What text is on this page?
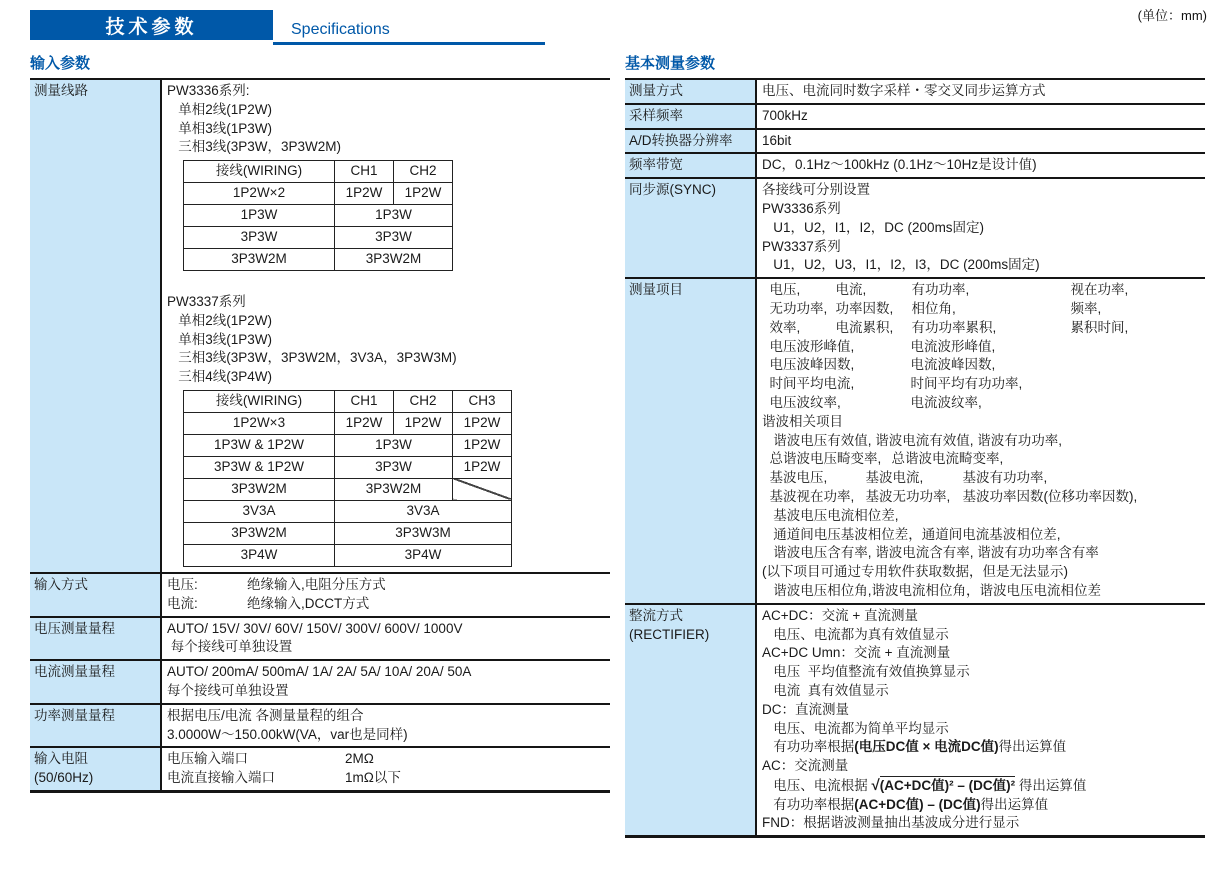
(单位：mm)
技术参数	Specifications
输入参数
测量线路	PW3336系列:
单相2线(1P2W)
单相3线(1P3W)
三相3线(3P3W，3P3W2M)
接线(WIRING)	CH1	CH2
1P2W×2	1P2W	1P2W
1P3W	1P3W	
3P3W	3P3W	
3P3W2M	3P3W2M	

PW3337系列
单相2线(1P2W)
单相3线(1P3W)
三相3线(3P3W，3P3W2M，3V3A，3P3W3M)
三相4线(3P4W)
接线(WIRING)	CH1	CH2	CH3
1P2W×3	1P2W	1P2W	1P2W
1P3W & 1P2W	1P3W		1P2W
3P3W & 1P2W	3P3W		1P2W
3P3W2M	3P3W2M		
3V3A	3V3A		
3P3W2M	3P3W3M		
3P4W	3P4W		
输入方式	电压:	绝缘输入,电阻分压方式
电流:	绝缘输入,DCCT方式
电压测量量程	AUTO/ 15V/ 30V/ 60V/ 150V/ 300V/ 600V/ 1000V
每个接线可单独设置
电流测量量程	AUTO/ 200mA/ 500mA/ 1A/ 2A/ 5A/ 10A/ 20A/ 50A
每个接线可单独设置
功率测量量程	根据电压/电流 各测量量程的组合
3.0000W～150.00kW(VA，var也是同样)
输入电阻
(50/60Hz)
电压输入端口	2MΩ
电流直接输入端口	1mΩ以下
基本测量参数
测量方式	电压、电流同时数字采样・零交叉同步运算方式
采样频率	700kHz
A/D转换器分辨率	16bit
频率带宽	DC，0.1Hz～100kHz (0.1Hz～10Hz是设计值)
同步源(SYNC)	各接线可分别设置
PW3336系列
U1，U2，I1，I2，DC (200ms固定)
PW3337系列
U1，U2，U3，I1，I2，I3，DC (200ms固定)
测量项目	电压,	电流,	有功功率,	视在功率,
无功功率, 功率因数, 相位角,	频率,
效率,	电流累积, 有功功率累积,	累积时间,
电压波形峰值,	电流波形峰值,
电压波峰因数,	电流波峰因数,
时间平均电流,	时间平均有功功率,
电压波纹率,	电流波纹率,
谐波相关项目
谐波电压有效值, 谐波电流有效值, 谐波有功功率,
总谐波电压畸变率, 总谐波电流畸变率,
基波电压,	基波电流,	基波有功功率,
基波视在功率, 基波无功功率, 基波功率因数(位移功率因数),
基波电压电流相位差,
通道间电压基波相位差，通道间电流基波相位差,
谐波电压含有率, 谐波电流含有率, 谐波有功功率含有率
(以下项目可通过专用软件获取数据，但是无法显示)
谐波电压相位角,谐波电流相位角，谐波电压电流相位差
整流方式
(RECTIFIER)
AC+DC：交流 + 直流测量
电压、电流都为真有效值显示
AC+DC Umn：交流 + 直流测量
电压  平均值整流有效值换算显示
电流  真有效值显示
DC：直流测量
电压、电流都为简单平均显示
有功功率根据(电压DC值 × 电流DC值)得出运算值
AC：交流测量
电压、电流根据 √(AC+DC值)² – (DC值)² 得出运算值
有功功率根据(AC+DC值) – (DC值)得出运算值
FND：根据谐波测量抽出基波成分进行显示
